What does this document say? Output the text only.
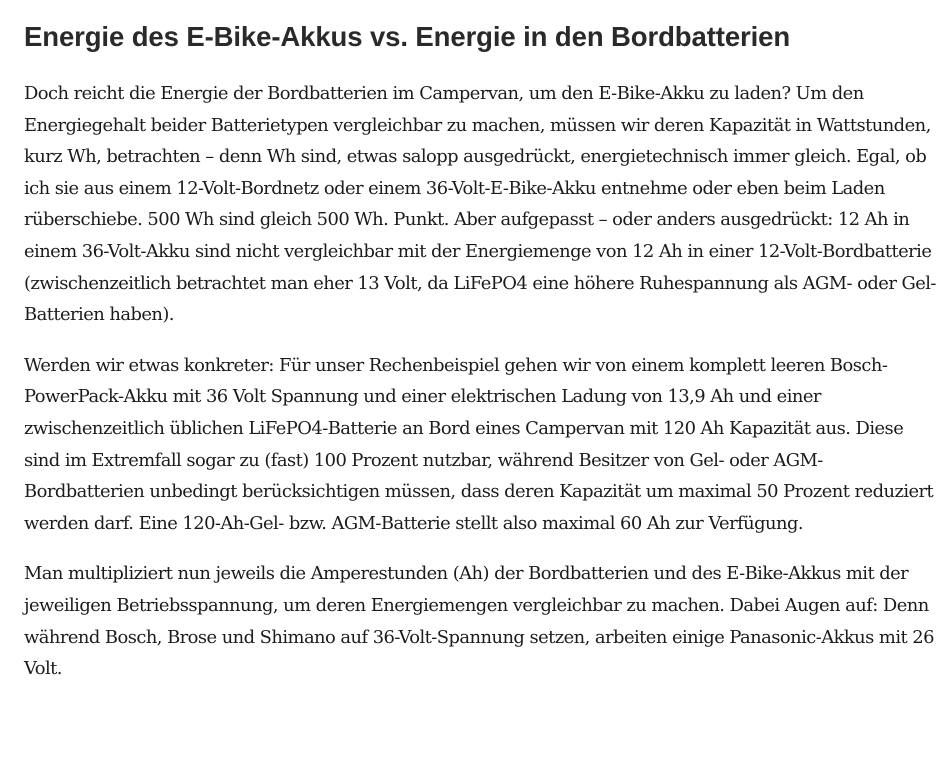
Energie des E-Bike-Akkus vs. Energie in den Bordbatterien

Doch reicht die Energie der Bordbatterien im Campervan, um den E-Bike-Akku zu laden? Um den Energiegehalt beider Batterietypen vergleichbar zu machen, müssen wir deren Kapazität in Wattstunden, kurz Wh, betrachten – denn Wh sind, etwas salopp ausgedrückt, energietechnisch immer gleich. Egal, ob ich sie aus einem 12-Volt-Bordnetz oder einem 36-Volt-E-Bike-Akku entnehme oder eben beim Laden rüberschiebe. 500 Wh sind gleich 500 Wh. Punkt. Aber aufgepasst – oder anders ausgedrückt: 12 Ah in einem 36-Volt-Akku sind nicht vergleichbar mit der Energiemenge von 12 Ah in einer 12-Volt-Bordbatterie (zwischenzeitlich betrachtet man eher 13 Volt, da LiFePO4 eine höhere Ruhespannung als AGM- oder Gel-Batterien haben).

Werden wir etwas konkreter: Für unser Rechenbeispiel gehen wir von einem komplett leeren Bosch-PowerPack-Akku mit 36 Volt Spannung und einer elektrischen Ladung von 13,9 Ah und einer zwischenzeitlich üblichen LiFePO4-Batterie an Bord eines Campervan mit 120 Ah Kapazität aus. Diese sind im Extremfall sogar zu (fast) 100 Prozent nutzbar, während Besitzer von Gel- oder AGM-Bordbatterien unbedingt berücksichtigen müssen, dass deren Kapazität um maximal 50 Prozent reduziert werden darf. Eine 120-Ah-Gel- bzw. AGM-Batterie stellt also maximal 60 Ah zur Verfügung.

Man multipliziert nun jeweils die Amperestunden (Ah) der Bordbatterien und des E-Bike-Akkus mit der jeweiligen Betriebsspannung, um deren Energiemengen vergleichbar zu machen. Dabei Augen auf: Denn während Bosch, Brose und Shimano auf 36-Volt-Spannung setzen, arbeiten einige Panasonic-Akkus mit 26 Volt.
